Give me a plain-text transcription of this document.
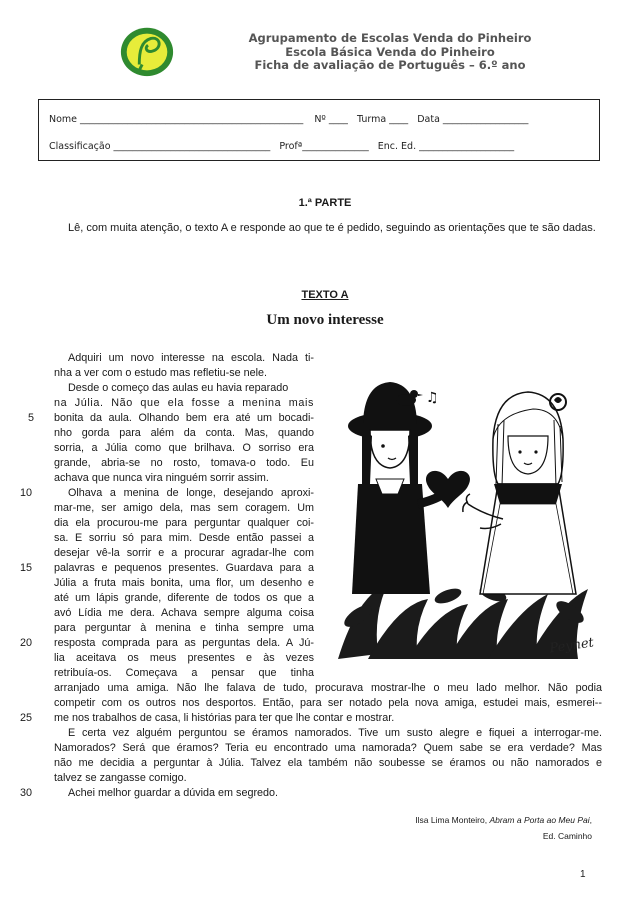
Agrupamento de Escolas Venda do Pinheiro
Escola Básica Venda do Pinheiro
Ficha de avaliação de Português – 6.º ano
Nome _______________________________________________ Nº ____ Turma ____ Data __________________
Classificação _________________________________ Profª______________ Enc. Ed. ____________________
1.ª PARTE
Lê, com muita atenção, o texto A e responde ao que te é pedido, seguindo as orientações que te são dadas.
TEXTO A
Um novo interesse
♫
Peynet
Adquiri um novo interesse na escola. Nada ti-
nha a ver com o estudo mas refletiu-se nele.
Desde o começo das aulas eu havia reparado
na Júlia. Não que ela fosse a menina mais
bonita da aula. Olhando bem era até um bocadi-
nho gorda para além da conta. Mas, quando
sorria, a Júlia como que brilhava. O sorriso era
grande, abria-se no rosto, tomava-o todo. Eu
achava que nunca vira ninguém sorrir assim.
Olhava a menina de longe, desejando aproxi-
mar-me, ser amigo dela, mas sem coragem. Um
dia ela procurou-me para perguntar qualquer coi-
sa. E sorriu só para mim. Desde então passei a
desejar vê-la sorrir e a procurar agradar-lhe com
palavras e pequenos presentes. Guardava para a
Júlia a fruta mais bonita, uma flor, um desenho e
até um lápis grande, diferente de todos os que a
avó Lídia me dera. Achava sempre alguma coisa
para perguntar à menina e tinha sempre uma
resposta comprada para as perguntas dela. A Jú-
lia aceitava os meus presentes e às vezes
retribuía-os. Começava a pensar que tinha
arranjado uma amiga. Não lhe falava de tudo, procurava mostrar-lhe o meu lado melhor. Não podia
competir com os outros nos desportos. Então, para ser notado pela nova amiga, estudei mais, esmerei--
me nos trabalhos de casa, li histórias para ter que lhe contar e mostrar.
E certa vez alguém perguntou se éramos namorados. Tive um susto alegre e fiquei a interrogar-me.
Namorados? Será que éramos? Teria eu encontrado uma namorada? Quem sabe se era verdade? Mas
não me decidia a perguntar à Júlia. Talvez ela também não soubesse se éramos ou não namorados e
talvez se zangasse comigo.
Achei melhor guardar a dúvida em segredo.
5
10
15
20
25
30
Ilsa Lima Monteiro, Abram a Porta ao Meu Pai,
Ed. Caminho
1
